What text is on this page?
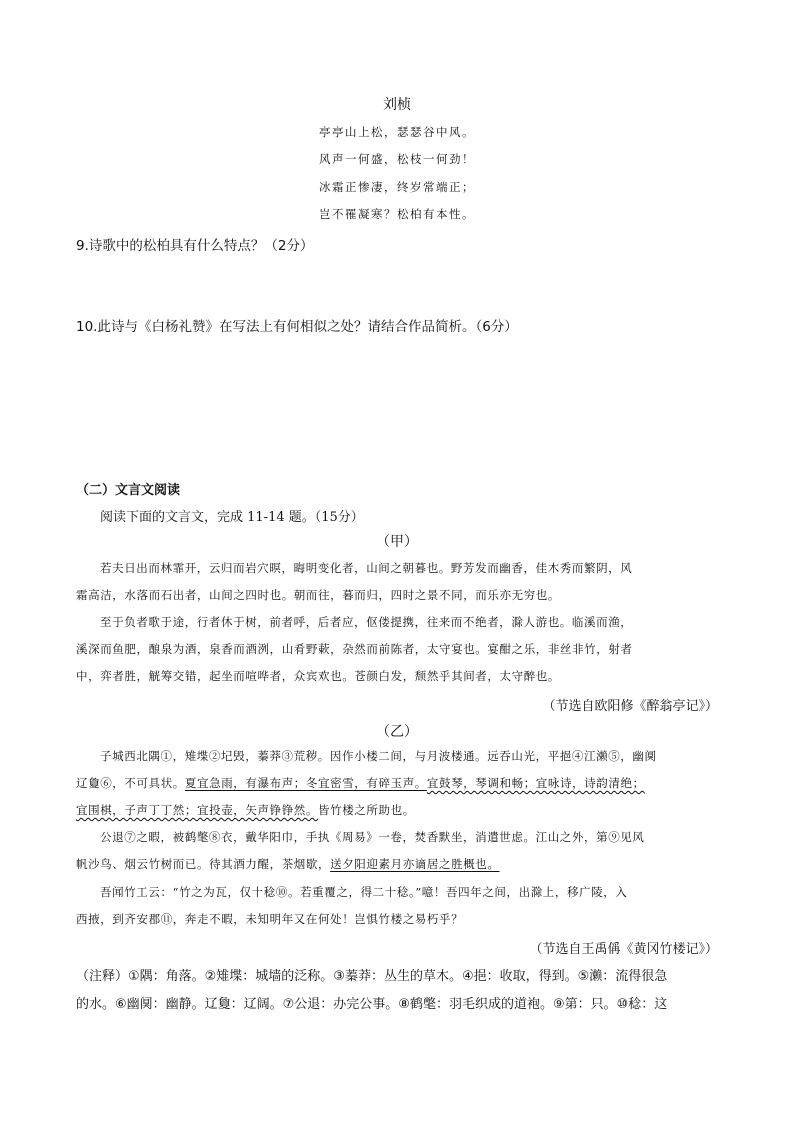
刘桢
亭亭山上松，瑟瑟谷中风。
风声一何盛，松枝一何劲！
冰霜正惨凄，终岁常端正；
岂不罹凝寒？松柏有本性。
9.诗歌中的松柏具有什么特点？（2分）
10.此诗与《白杨礼赞》在写法上有何相似之处？请结合作品简析。（6分）
（二）文言文阅读
阅读下面的文言文，完成 11-14 题。（15分）
（甲）
若夫日出而林霏开，云归而岩穴暝，晦明变化者，山间之朝暮也。野芳发而幽香，佳木秀而繁阴，风
霜高洁，水落而石出者，山间之四时也。朝而往，暮而归，四时之景不同，而乐亦无穷也。
至于负者歌于途，行者休于树，前者呼，后者应，伛偻提携，往来而不绝者，滁人游也。临溪而渔，
溪深而鱼肥，酿泉为酒，泉香而酒洌，山肴野蔌，杂然而前陈者，太守宴也。宴酣之乐，非丝非竹，射者
中，弈者胜，觥筹交错，起坐而喧哗者，众宾欢也。苍颜白发，颓然乎其间者，太守醉也。
（节选自欧阳修《醉翁亭记》）
（乙）
子城西北隅①，雉堞②圮毁，蓁莽③荒秽。因作小楼二间，与月波楼通。远吞山光，平挹④江濑⑤，幽阒
辽敻⑥，不可具状。夏宜急雨，有瀑布声；冬宜密雪，有碎玉声。宜鼓琴，琴调和畅；宜咏诗，诗韵清绝；
宜围棋，子声丁丁然；宜投壶，矢声铮铮然。皆竹楼之所助也。
公退⑦之暇，被鹤氅⑧衣，戴华阳巾，手执《周易》一卷，焚香默坐，消遣世虑。江山之外，第⑨见风
帆沙鸟、烟云竹树而已。待其酒力醒，茶烟歇，送夕阳迎素月亦谪居之胜概也。
吾闻竹工云：“竹之为瓦，仅十稔⑩。若重覆之，得二十稔。”噫！吾四年之间，出滁上，移广陵，入
西掖，到齐安郡⑪，奔走不暇，未知明年又在何处！岂惧竹楼之易朽乎？
（节选自王禹偁《黄冈竹楼记》）
（注释）①隅：角落。②雉堞：城墙的泛称。③蓁莽：丛生的草木。④挹：收取，得到。⑤濑：流得很急
的水。⑥幽阒：幽静。辽敻：辽阔。⑦公退：办完公事。⑧鹤氅：羽毛织成的道袍。⑨第：只。⑩稔：这
